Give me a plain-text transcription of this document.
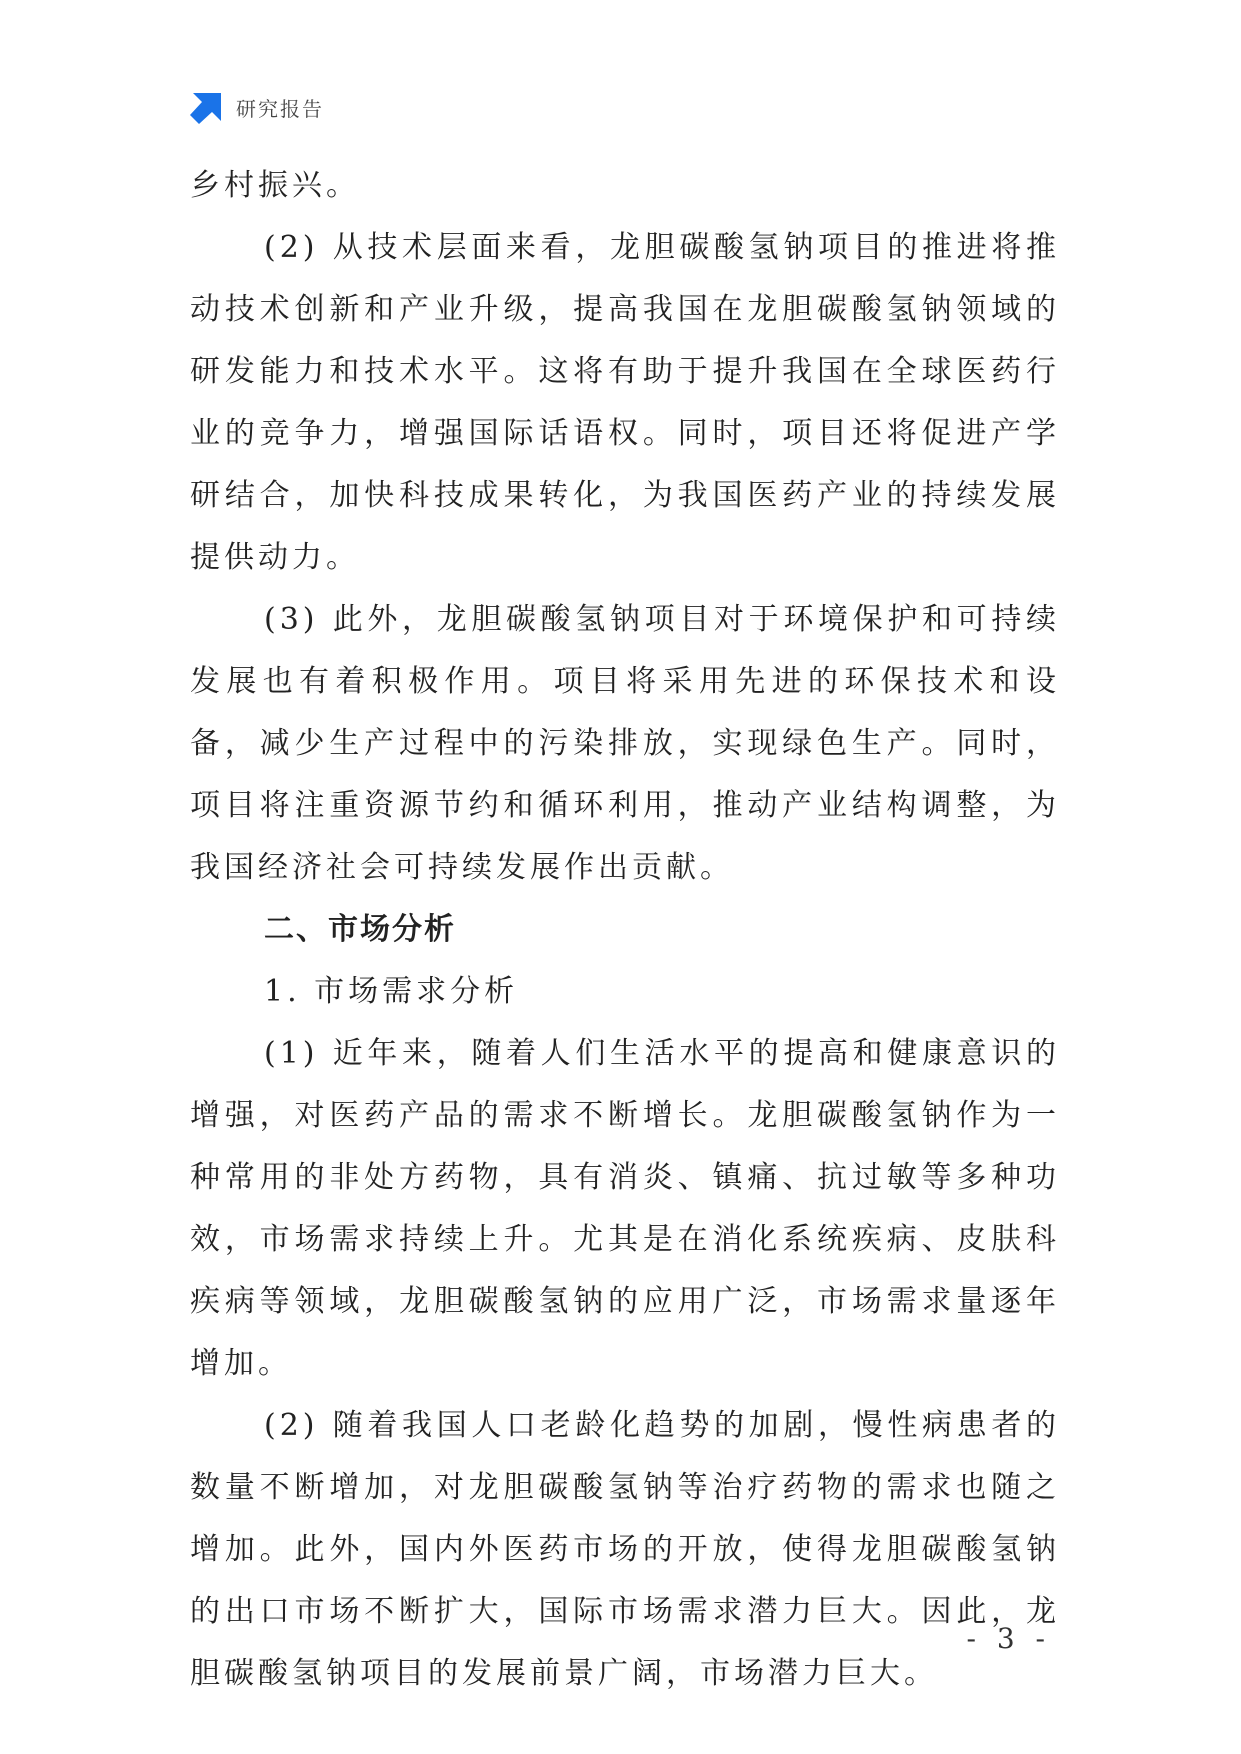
研究报告

乡村振兴。

(2) 从技术层面来看，龙胆碳酸氢钠项目的推进将推动技术创新和产业升级，提高我国在龙胆碳酸氢钠领域的研发能力和技术水平。这将有助于提升我国在全球医药行业的竞争力，增强国际话语权。同时，项目还将促进产学研结合，加快科技成果转化，为我国医药产业的持续发展提供动力。

(3) 此外，龙胆碳酸氢钠项目对于环境保护和可持续发展也有着积极作用。项目将采用先进的环保技术和设备，减少生产过程中的污染排放，实现绿色生产。同时，项目将注重资源节约和循环利用，推动产业结构调整，为我国经济社会可持续发展作出贡献。

二、市场分析

1. 市场需求分析

(1) 近年来，随着人们生活水平的提高和健康意识的增强，对医药产品的需求不断增长。龙胆碳酸氢钠作为一种常用的非处方药物，具有消炎、镇痛、抗过敏等多种功效，市场需求持续上升。尤其是在消化系统疾病、皮肤科疾病等领域，龙胆碳酸氢钠的应用广泛，市场需求量逐年增加。

(2) 随着我国人口老龄化趋势的加剧，慢性病患者的数量不断增加，对龙胆碳酸氢钠等治疗药物的需求也随之增加。此外，国内外医药市场的开放，使得龙胆碳酸氢钠的出口市场不断扩大，国际市场需求潜力巨大。因此，龙胆碳酸氢钠项目的发展前景广阔，市场潜力巨大。

- 3 -
